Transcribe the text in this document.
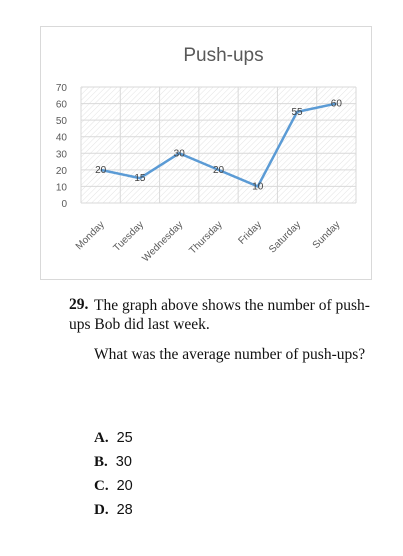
Push-ups
0
10
20
30
40
50
60
70
Monday Tuesday
Wednesday Thursday Friday Saturday Sunday
20
15
30
20
10
55
60
29. The graph above shows the number of push-ups Bob did last week.
What was the average number of push-ups?
A. 25
B. 30
C. 20
D. 28
